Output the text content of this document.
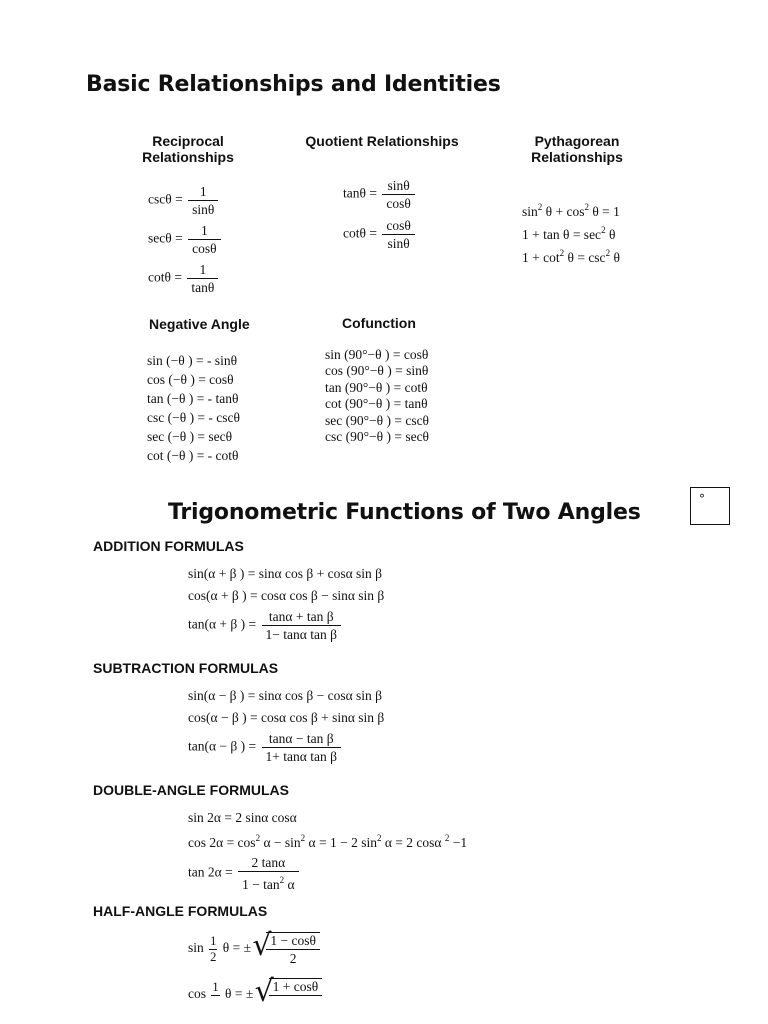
Basic Relationships and Identities
Reciprocal Relationships
$\csc\theta = \frac{1}{\sin\theta}$
$\sec\theta = \frac{1}{\cos\theta}$
$\cot\theta = \frac{1}{\tan\theta}$
Quotient Relationships
$\tan\theta = \frac{\sin\theta}{\cos\theta}$
$\cot\theta = \frac{\cos\theta}{\sin\theta}$
Pythagorean Relationships
$\sin^2 \theta + \cos^2 \theta = 1$
$1 + \tan \theta = \sec^2 \theta$
$1 + \cot^2 \theta = \csc^2 \theta$
Negative Angle
sin (−θ ) = - sinθ
cos (−θ ) = cosθ
tan (−θ ) = - tanθ
csc (−θ ) = - cscθ
sec (−θ ) = secθ
cot (−θ ) = - cotθ
Cofunction
sin (90°−θ ) = cosθ
cos (90°−θ ) = sinθ
tan (90°−θ ) = cotθ
cot (90°−θ ) = tanθ
sec (90°−θ ) = cscθ
csc (90°−θ ) = secθ
°
Trigonometric Functions of Two Angles
ADDITION FORMULAS
sin(α + β ) = sinα cos β + cosα sin β
cos(α + β ) = cosα cos β − sinα sin β
tan(α + β ) = $\frac{\text{tanα + tan β}}{\text{1− tanα tan β}}$
SUBTRACTION FORMULAS
sin(α − β ) = sinα cos β − cosα sin β
cos(α − β ) = cosα cos β + sinα sin β
tan(α − β ) = $\frac{\text{tanα − tan β}}{\text{1+ tanα tan β}}$
DOUBLE-ANGLE FORMULAS
sin 2α = 2 sinα cosα
$\cos 2\alpha = \cos^2 \alpha - \sin^2 \alpha = 1 - 2$ $\sin^2 \alpha = 2$ cosα $^2$ −1
$\tan 2\alpha = \frac{2 \tan\alpha}{1 - \tan^2 \alpha}$
HALF-ANGLE FORMULAS
$\sin \frac{1}{2}$ θ = ± √ $\frac{1 - \cos\theta}{2}$
cos 1 θ = ± √ 1 + cosθ
